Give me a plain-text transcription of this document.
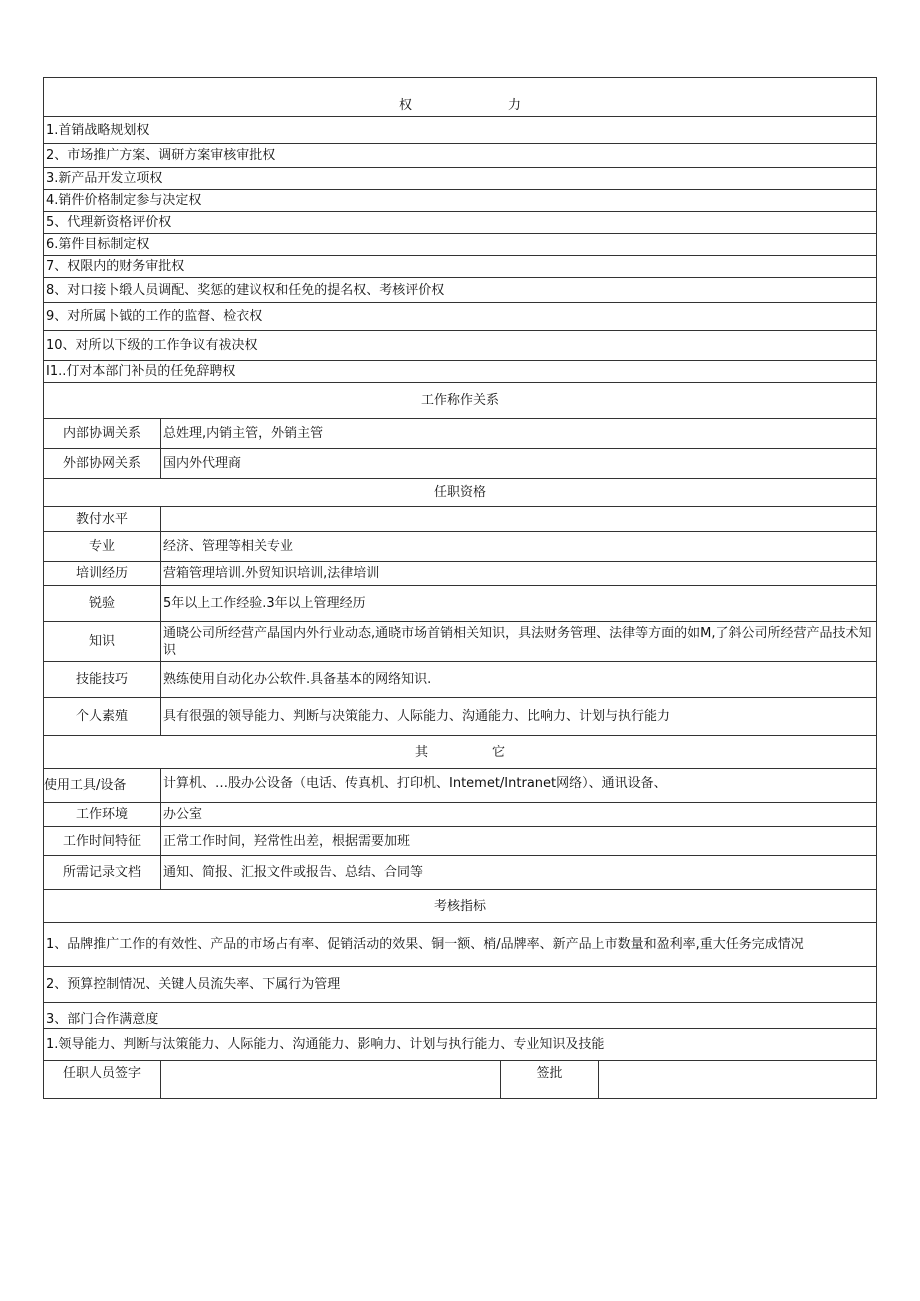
权 力			
1.首销战略规划权			
2、市场推广方案、调研方案审核审批权			
3.新产品开发立项权			
4.销件价格制定参与决定权			
5、代理新资格评价权			
6.第件目标制定权			
7、权限内的财务审批权			
8、对口接卜缎人员调配、奖惩的建议权和任免的提名权、考核评价权			
9、对所属卜钺的工作的监督、检衣权			
10、对所以下级的工作争议有祓决权			
I1..仃对本部门补员的任免辞聘权			
工作称作关系			
内部协调关系	总姓理,内销主管，外销主管		
外部协网关系	国内外代理商		
任职资格			
教付水平			
专业	经济、管理等相关专业		
培训经历	营箱管理培训.外贸知识培训,法律培训		
锐验	5年以上工作经验.3年以上管理经历		
知识	通晓公司所经营产晶国内外行业动态,通晓市场首销相关知识，具法财务管理、法律等方面的如M,了斜公司所经营产品技术知识		
技能技巧	熟练使用自动化办公软件.具备基本的网络知识.		
个人素殖	具有很强的领导能力、判断与决策能力、人际能力、沟通能力、比响力、计划与执行能力		
其 它			
使用工具/设备	计算机、…股办公设备（电话、传真机、打印机、Intemet/Intranet网络）、通讯设备、		
工作环境	办公室		
工作时间特征	正常工作时间，羟常性出差，根据需要加班		
所需记录文档	通知、简报、汇报文件或报告、总结、合同等		
考核指标			
1、品牌推广工作的有效性、产品的市场占有率、促销活动的效果、铜一额、梢/品牌率、新产品上市数量和盈利率,重大任务完成情况			
2、预算控制情况、关键人员流失率、下属行为管理			
3、部门合作满意度			
1.领导能力、判断与汰策能力、人际能力、沟通能力、影响力、计划与执行能力、专业知识及技能			
任职人员签字		签批	
